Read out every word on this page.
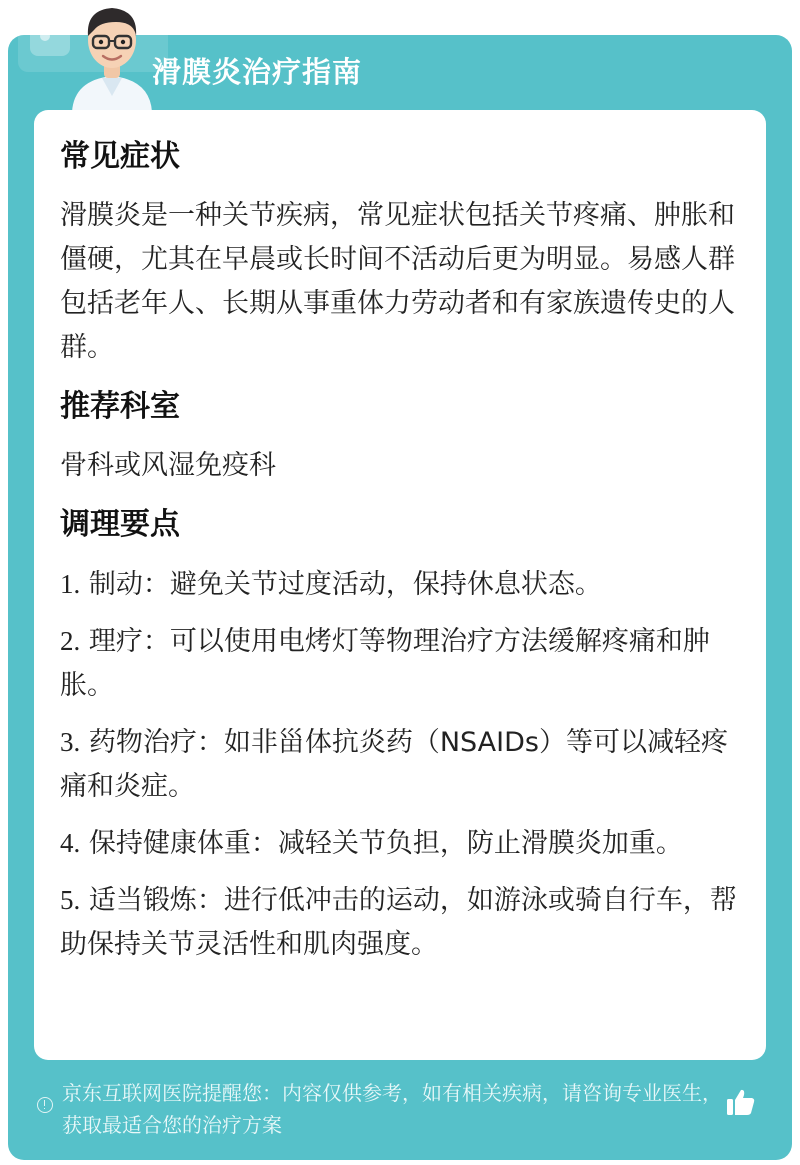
滑膜炎治疗指南
常见症状

滑膜炎是一种关节疾病，常见症状包括关节疼痛、肿胀和僵硬，尤其在早晨或长时间不活动后更为明显。易感人群包括老年人、长期从事重体力劳动者和有家族遗传史的人群。

推荐科室

骨科或风湿免疫科

调理要点

1. 制动：避免关节过度活动，保持休息状态。

2. 理疗：可以使用电烤灯等物理治疗方法缓解疼痛和肿胀。

3. 药物治疗：如非甾体抗炎药（NSAIDs）等可以减轻疼痛和炎症。

4. 保持健康体重：减轻关节负担，防止滑膜炎加重。

5. 适当锻炼：进行低冲击的运动，如游泳或骑自行车，帮助保持关节灵活性和肌肉强度。

京东互联网医院提醒您：内容仅供参考，如有相关疾病，请咨询专业医生，获取最适合您的治疗方案
